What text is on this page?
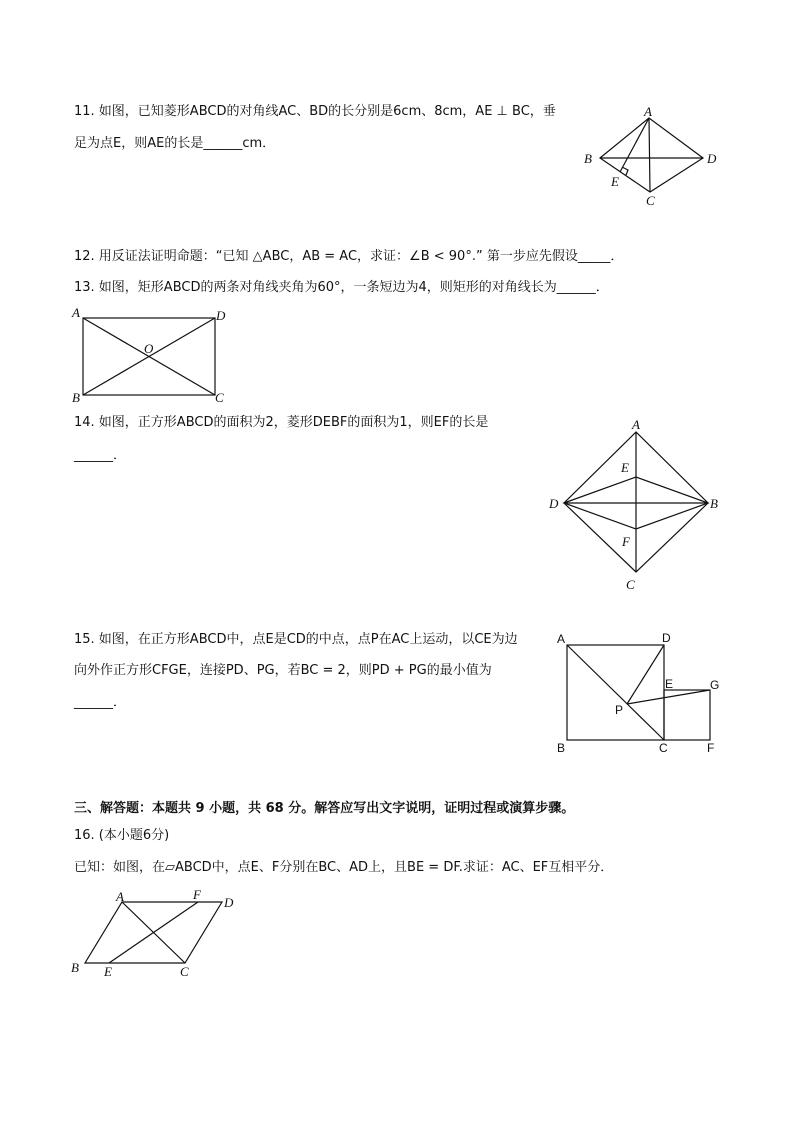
11. 如图，已知菱形ABCD的对角线AC、BD的长分别是6cm、8cm，AE ⊥ BC，垂
足为点E，则AE的长是______cm．
A
B
C
D
E
12. 用反证法证明命题：“已知 △ABC，AB = AC，求证：∠B < 90°.” 第一步应先假设_____．
13. 如图，矩形ABCD的两条对角线夹角为60°，一条短边为4，则矩形的对角线长为______．
A
B	C
D
O
14. 如图，正方形ABCD的面积为2，菱形DEBF的面积为1，则EF的长是
______．
A
B
C
D
E
F
15. 如图，在正方形ABCD中，点E是CD的中点，点P在AC上运动，以CE为边
向外作正方形CFGE，连接PD、PG，若BC = 2，则PD + PG的最小值为
______．
A
B	C
D
E
F
G
P
三、解答题：本题共 9 小题，共 68 分。解答应写出文字说明，证明过程或演算步骤。
16. (本小题6分)
已知：如图，在▱ABCD中，点E、F分别在BC、AD上，且BE = DF.求证：AC、EF互相平分．
A
B	C
D
E
F
